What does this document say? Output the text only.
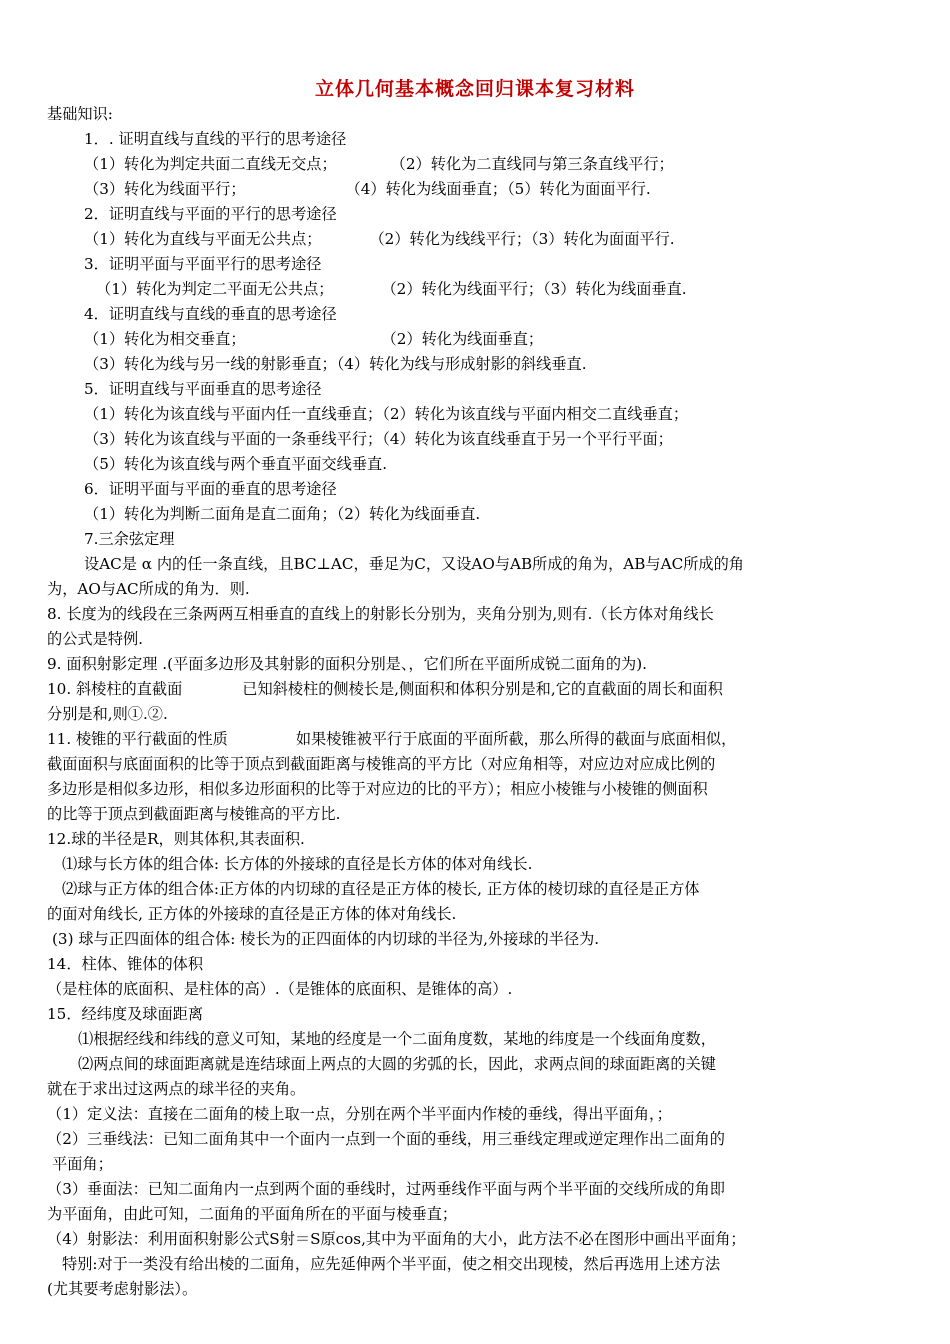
立体几何基本概念回归课本复习材料
基础知识:
1．. 证明直线与直线的平行的思考途径
（1）转化为判定共面二直线无交点；	（2）转化为二直线同与第三条直线平行；
（3）转化为线面平行；	（4）转化为线面垂直；（5）转化为面面平行.
2．证明直线与平面的平行的思考途径
（1）转化为直线与平面无公共点；	（2）转化为线线平行；（3）转化为面面平行.
3．证明平面与平面平行的思考途径
（1）转化为判定二平面无公共点；	（2）转化为线面平行；（3）转化为线面垂直.
4．证明直线与直线的垂直的思考途径
（1）转化为相交垂直；	（2）转化为线面垂直；
（3）转化为线与另一线的射影垂直；（4）转化为线与形成射影的斜线垂直.
5．证明直线与平面垂直的思考途径
（1）转化为该直线与平面内任一直线垂直；（2）转化为该直线与平面内相交二直线垂直；
（3）转化为该直线与平面的一条垂线平行；（4）转化为该直线垂直于另一个平行平面；
（5）转化为该直线与两个垂直平面交线垂直.
6．证明平面与平面的垂直的思考途径
（1）转化为判断二面角是直二面角；（2）转化为线面垂直.
7.三余弦定理
设AC是 α 内的任一条直线，且BC⊥AC，垂足为C，又设AO与AB所成的角为，AB与AC所成的角
为，AO与AC所成的角为．则.
8. 长度为的线段在三条两两互相垂直的直线上的射影长分别为，夹角分别为,则有.（长方体对角线长
的公式是特例.
9. 面积射影定理 .(平面多边形及其射影的面积分别是、，它们所在平面所成锐二面角的为).
10. 斜棱柱的直截面	已知斜棱柱的侧棱长是,侧面积和体积分别是和,它的直截面的周长和面积
分别是和,则①.②.
11. 棱锥的平行截面的性质	如果棱锥被平行于底面的平面所截，那么所得的截面与底面相似，
截面面积与底面面积的比等于顶点到截面距离与棱锥高的平方比（对应角相等，对应边对应成比例的
多边形是相似多边形，相似多边形面积的比等于对应边的比的平方）；相应小棱锥与小棱锥的侧面积
的比等于顶点到截面距离与棱锥高的平方比.
12.球的半径是R，则其体积,其表面积.
⑴球与长方体的组合体: 长方体的外接球的直径是长方体的体对角线长.
⑵球与正方体的组合体:正方体的内切球的直径是正方体的棱长, 正方体的棱切球的直径是正方体
的面对角线长, 正方体的外接球的直径是正方体的体对角线长.
(3) 球与正四面体的组合体: 棱长为的正四面体的内切球的半径为,外接球的半径为.
14．柱体、锥体的体积
（是柱体的底面积、是柱体的高）.（是锥体的底面积、是锥体的高）.
15．经纬度及球面距离
⑴根据经线和纬线的意义可知，某地的经度是一个二面角度数，某地的纬度是一个线面角度数，
⑵两点间的球面距离就是连结球面上两点的大圆的劣弧的长，因此，求两点间的球面距离的关键
就在于求出过这两点的球半径的夹角。
（1）定义法：直接在二面角的棱上取一点，分别在两个半平面内作棱的垂线，得出平面角，；
（2）三垂线法：已知二面角其中一个面内一点到一个面的垂线，用三垂线定理或逆定理作出二面角的
平面角；
（3）垂面法：已知二面角内一点到两个面的垂线时，过两垂线作平面与两个半平面的交线所成的角即
为平面角，由此可知，二面角的平面角所在的平面与棱垂直；
（4）射影法：利用面积射影公式S射＝S原cos,其中为平面角的大小，此方法不必在图形中画出平面角；
特别:对于一类没有给出棱的二面角，应先延伸两个半平面，使之相交出现棱，然后再选用上述方法
(尤其要考虑射影法）。
